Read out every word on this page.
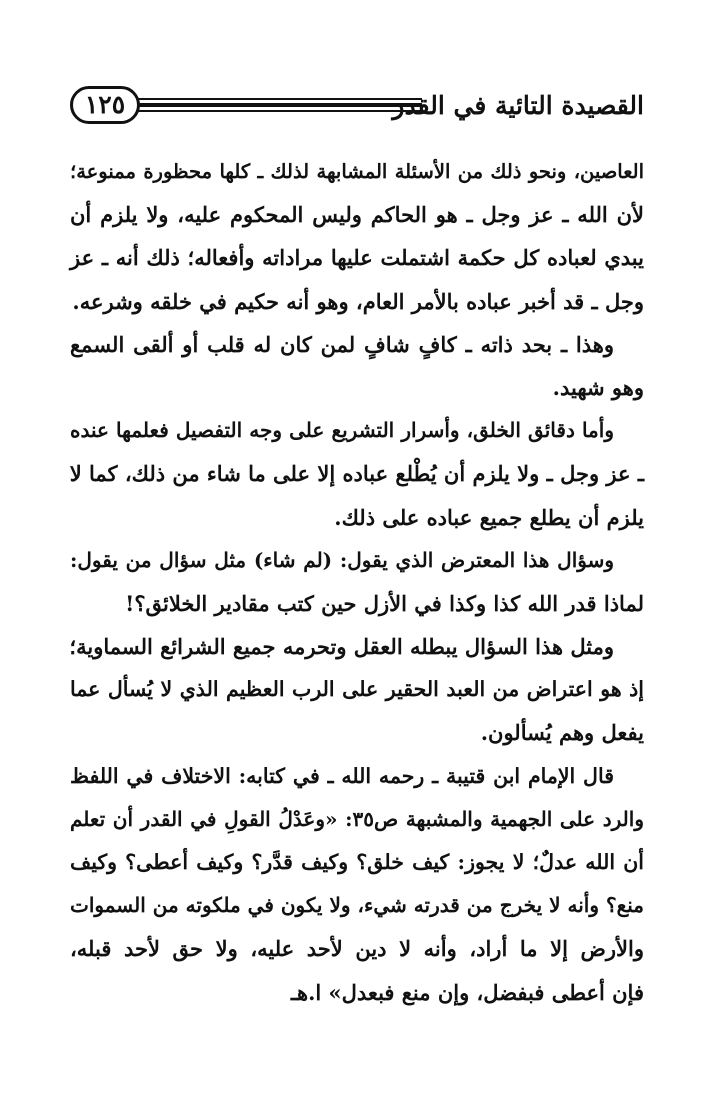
القصيدة التائية في القدر
١٢٥
العاصين، ونحو ذلك من الأسئلة المشابهة لذلك ـ كلها محظورة ممنوعة؛
لأن الله ـ عز وجل ـ هو الحاكم وليس المحكوم عليه، ولا يلزم أن
يبدي لعباده كل حكمة اشتملت عليها مراداته وأفعاله؛ ذلك أنه ـ عز
وجل ـ قد أخبر عباده بالأمر العام، وهو أنه حكيم في خلقه وشرعه.
وهذا ـ بحد ذاته ـ كافٍ شافٍ لمن كان له قلب أو ألقى السمع
وهو شهيد.
وأما دقائق الخلق، وأسرار التشريع على وجه التفصيل فعلمها عنده
ـ عز وجل ـ ولا يلزم أن يُطْلع عباده إلا على ما شاء من ذلك، كما لا
يلزم أن يطلع جميع عباده على ذلك.
وسؤال هذا المعترض الذي يقول: (لم شاء) مثل سؤال من يقول:
لماذا قدر الله كذا وكذا في الأزل حين كتب مقادير الخلائق؟!
ومثل هذا السؤال يبطله العقل وتحرمه جميع الشرائع السماوية؛
إذ هو اعتراض من العبد الحقير على الرب العظيم الذي لا يُسأل عما
يفعل وهم يُسألون.
قال الإمام ابن قتيبة ـ رحمه الله ـ في كتابه: الاختلاف في اللفظ
والرد على الجهمية والمشبهة ص٣٥: «وعَدْلُ القولِ في القدر أن تعلم
أن الله عدلٌ؛ لا يجوز: كيف خلق؟ وكيف قدَّر؟ وكيف أعطى؟ وكيف
منع؟ وأنه لا يخرج من قدرته شيء، ولا يكون في ملكوته من السموات
والأرض إلا ما أراد، وأنه لا دين لأحد عليه، ولا حق لأحد قبله،
فإن أعطى فبفضل، وإن منع فبعدل» ا.هـ
